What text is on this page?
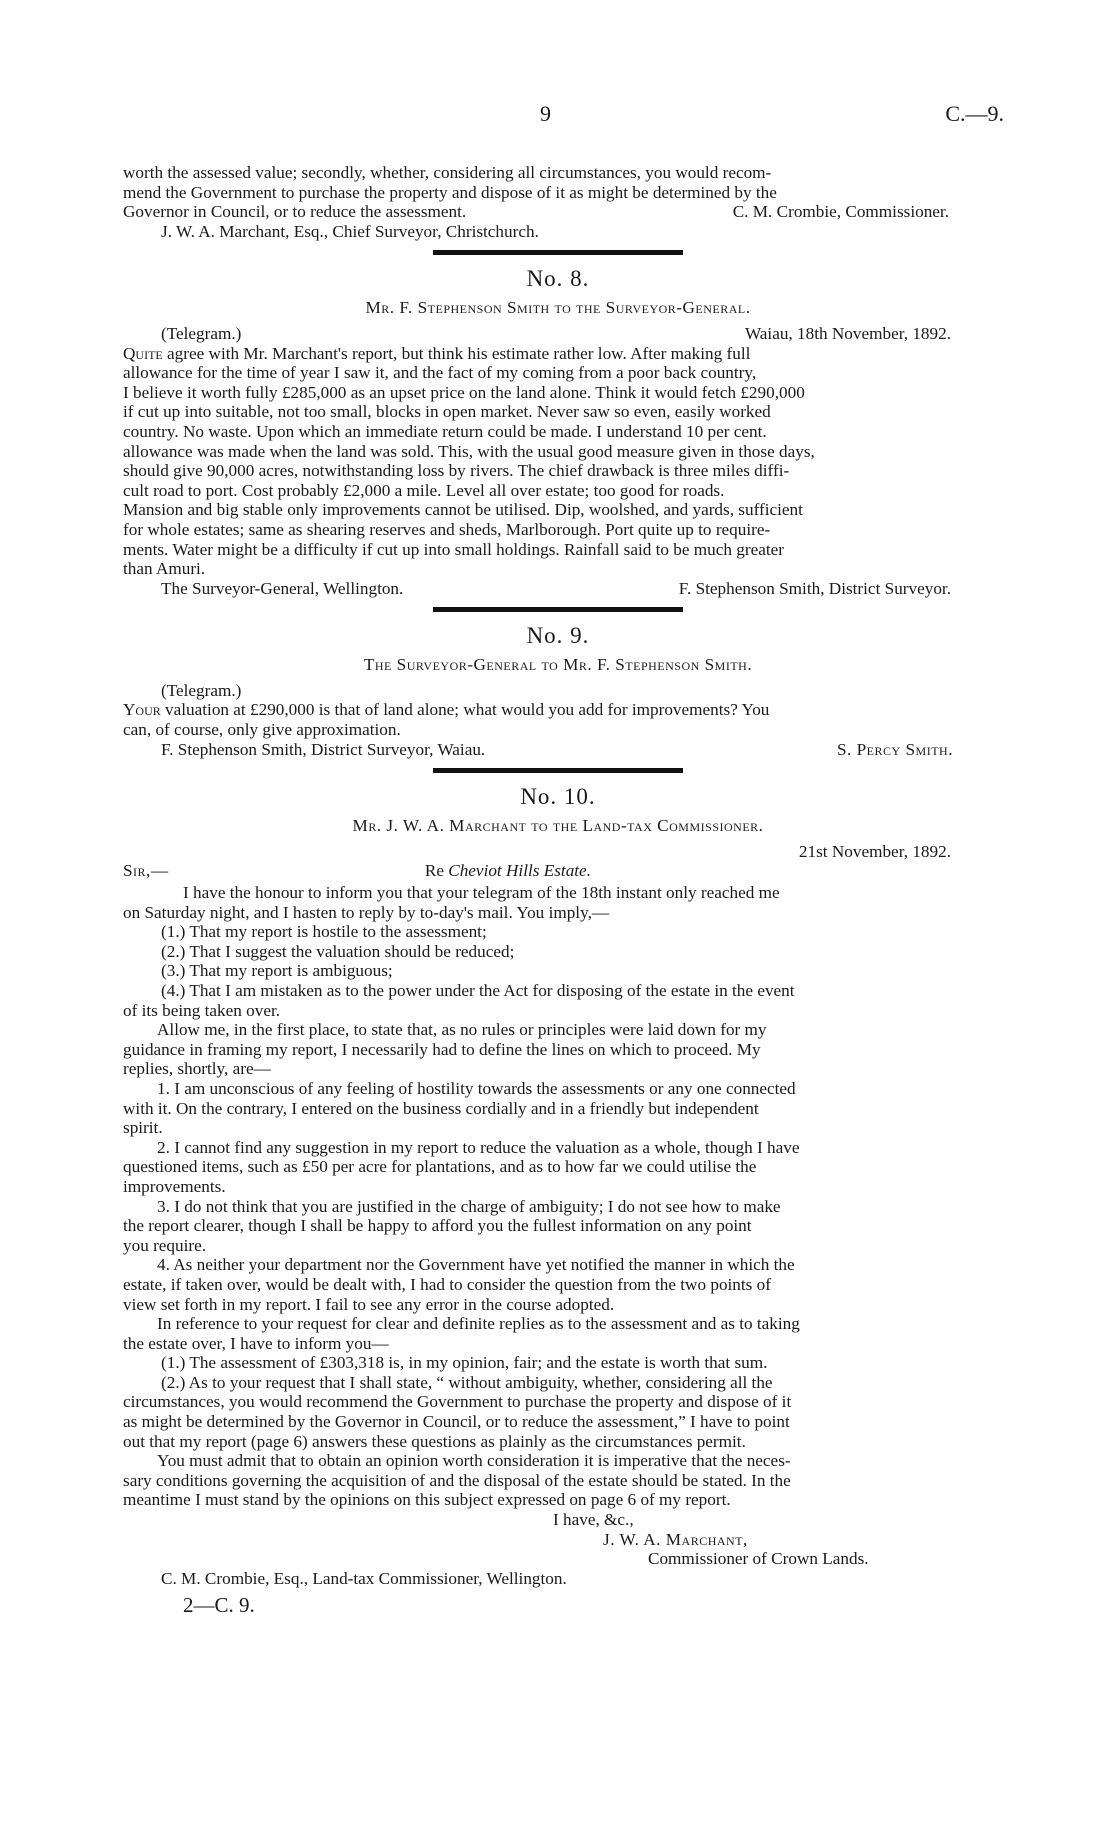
9	C.—9.

worth the assessed value; secondly, whether, considering all circumstances, you would recom-

mend the Government to purchase the property and dispose of it as might be determined by the

Governor in Council, or to reduce the assessment.	C. M. Crombie, Commissioner.
J. W. A. Marchant, Esq., Chief Surveyor, Christchurch.
No. 8.
Mr. F. Stephenson Smith to the Surveyor-General.
(Telegram.)	Waiau, 18th November, 1892.

Quite agree with Mr. Marchant's report, but think his estimate rather low. After making full

allowance for the time of year I saw it, and the fact of my coming from a poor back country,

I believe it worth fully £285,000 as an upset price on the land alone. Think it would fetch £290,000

if cut up into suitable, not too small, blocks in open market. Never saw so even, easily worked

country. No waste. Upon which an immediate return could be made. I understand 10 per cent.

allowance was made when the land was sold. This, with the usual good measure given in those days,

should give 90,000 acres, notwithstanding loss by rivers. The chief drawback is three miles diffi-

cult road to port. Cost probably £2,000 a mile. Level all over estate; too good for roads.

Mansion and big stable only improvements cannot be utilised. Dip, woolshed, and yards, sufficient

for whole estates; same as shearing reserves and sheds, Marlborough. Port quite up to require-

ments. Water might be a difficulty if cut up into small holdings. Rainfall said to be much greater

than Amuri.

The Surveyor-General, Wellington.	F. Stephenson Smith, District Surveyor.
No. 9.
The Surveyor-General to Mr. F. Stephenson Smith.
(Telegram.)

Your valuation at £290,000 is that of land alone; what would you add for improvements? You

can, of course, only give approximation.

F. Stephenson Smith, District Surveyor, Waiau.	S. Percy Smith.
No. 10.
Mr. J. W. A. Marchant to the Land-tax Commissioner.
21st November, 1892.
Sir,—	Re Cheviot Hills Estate.

I have the honour to inform you that your telegram of the 18th instant only reached me

on Saturday night, and I hasten to reply by to-day's mail. You imply,—

(1.) That my report is hostile to the assessment;

(2.) That I suggest the valuation should be reduced;

(3.) That my report is ambiguous;

(4.) That I am mistaken as to the power under the Act for disposing of the estate in the event

of its being taken over.

Allow me, in the first place, to state that, as no rules or principles were laid down for my

guidance in framing my report, I necessarily had to define the lines on which to proceed. My

replies, shortly, are—

1. I am unconscious of any feeling of hostility towards the assessments or any one connected

with it. On the contrary, I entered on the business cordially and in a friendly but independent

spirit.

2. I cannot find any suggestion in my report to reduce the valuation as a whole, though I have

questioned items, such as £50 per acre for plantations, and as to how far we could utilise the

improvements.

3. I do not think that you are justified in the charge of ambiguity; I do not see how to make

the report clearer, though I shall be happy to afford you the fullest information on any point

you require.

4. As neither your department nor the Government have yet notified the manner in which the

estate, if taken over, would be dealt with, I had to consider the question from the two points of

view set forth in my report. I fail to see any error in the course adopted.

In reference to your request for clear and definite replies as to the assessment and as to taking

the estate over, I have to inform you—

(1.) The assessment of £303,318 is, in my opinion, fair; and the estate is worth that sum.

(2.) As to your request that I shall state, “ without ambiguity, whether, considering all the

circumstances, you would recommend the Government to purchase the property and dispose of it

as might be determined by the Governor in Council, or to reduce the assessment,” I have to point

out that my report (page 6) answers these questions as plainly as the circumstances permit.

You must admit that to obtain an opinion worth consideration it is imperative that the neces-

sary conditions governing the acquisition of and the disposal of the estate should be stated. In the

meantime I must stand by the opinions on this subject expressed on page 6 of my report.

I have, &c.,
J. W. A. Marchant,
Commissioner of Crown Lands.
C. M. Crombie, Esq., Land-tax Commissioner, Wellington.
2—C. 9.
